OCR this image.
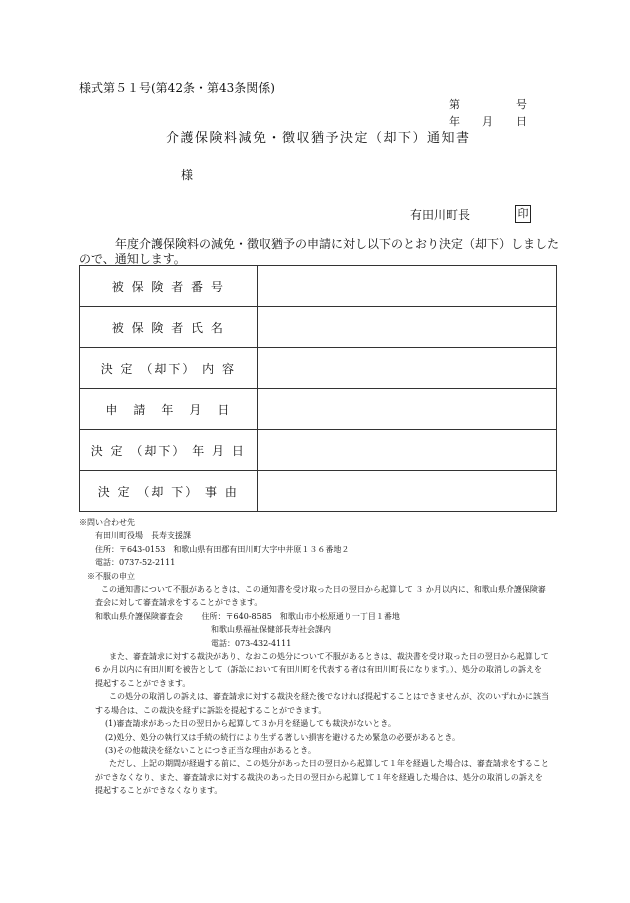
様式第５１号(第42条・第43条関係)
第	号
年 月 日
介護保険料減免・徴収猶予決定（却下）通知書
様
有田川町長	印
年度介護保険料の減免・徴収猶予の申請に対し以下のとおり決定（却下）しましたので、通知します。
被 保 険 者 番 号	
被 保 険 者 氏 名	
決 定 （却下） 内 容	
申　請　年　月　日	
決 定 （却下） 年 月 日	
決 定 （却 下） 事 由	
※問い合わせ先
有田川町役場　長寿支援課
住所：〒643-0153　和歌山県有田郡有田川町大字中井原１３６番地２
電話：0737-52-2111
※不服の申立
この通知書について不服があるときは、この通知書を受け取った日の翌日から起算して ３ か月以内に、和歌山県介護保険審
査会に対して審査請求をすることができます。
和歌山県介護保険審査会　　 住所：〒640-8585　和歌山市小松原通り一丁目１番地
和歌山県福祉保健部長寿社会課内
電話：073-432-4111
また、審査請求に対する裁決があり、なおこの処分について不服があるときは、裁決書を受け取った日の翌日から起算して
6 か月以内に有田川町を被告として（訴訟において有田川町を代表する者は有田川町長になります。）、処分の取消しの訴えを
提起することができます。
この処分の取消しの訴えは、審査請求に対する裁決を経た後でなければ提起することはできませんが、次のいずれかに該当
する場合は、この裁決を経ずに訴訟を提起することができます。
(1)審査請求があった日の翌日から起算して３か月を経過しても裁決がないとき。
(2)処分、処分の執行又は手続の続行により生ずる著しい損害を避けるため緊急の必要があるとき。
(3)その他裁決を経ないことにつき正当な理由があるとき。
ただし、上記の期間が経過する前に、この処分があった日の翌日から起算して１年を経過した場合は、審査請求をすること
ができなくなり、また、審査請求に対する裁決のあった日の翌日から起算して１年を経過した場合は、処分の取消しの訴えを
提起することができなくなります。
